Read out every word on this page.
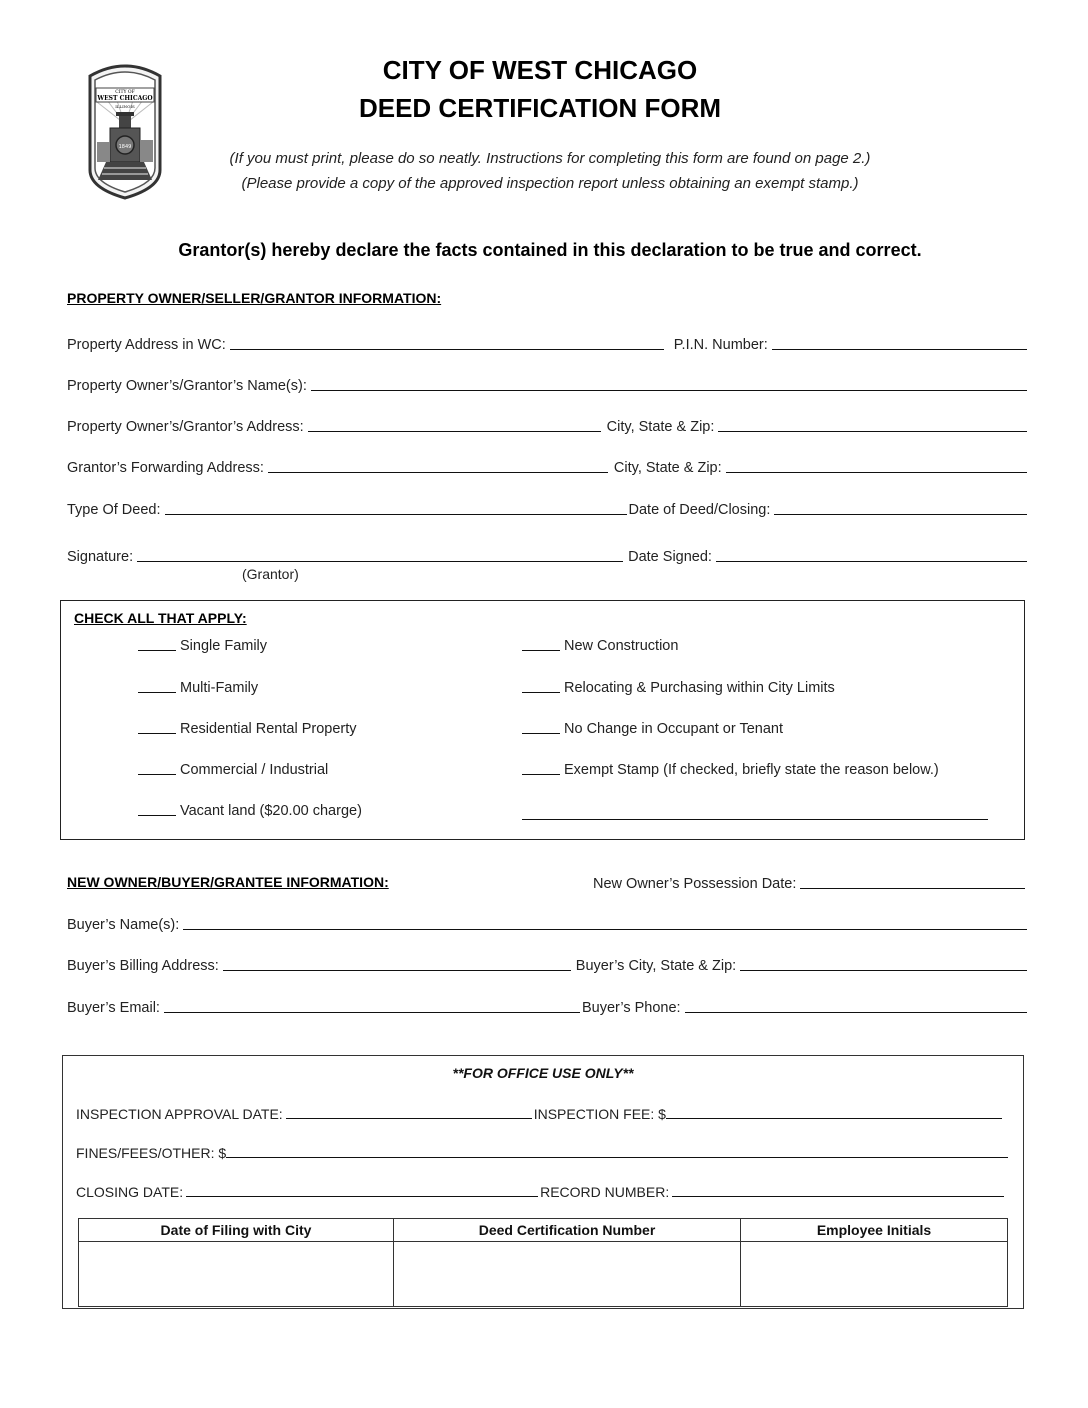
CITY OF
WEST CHICAGO
ILLINOIS
1849
CITY OF WEST CHICAGO
DEED CERTIFICATION FORM
(If you must print, please do so neatly. Instructions for completing this form are found on page 2.)
(Please provide a copy of the approved inspection report unless obtaining an exempt stamp.)
Grantor(s) hereby declare the facts contained in this declaration to be true and correct.
PROPERTY OWNER/SELLER/GRANTOR INFORMATION:
Property Address in WC:	P.I.N. Number:
Property Owner’s/Grantor’s Name(s):
Property Owner’s/Grantor’s Address:	City, State & Zip:
Grantor’s Forwarding Address:	City, State & Zip:
Type Of Deed:	Date of Deed/Closing:
Signature:	Date Signed:
(Grantor)
CHECK ALL THAT APPLY:
Single Family
Multi-Family
Residential Rental Property
Commercial / Industrial
Vacant land ($20.00 charge)
New Construction
Relocating & Purchasing within City Limits
No Change in Occupant or Tenant
Exempt Stamp (If checked, briefly state the reason below.)
NEW OWNER/BUYER/GRANTEE INFORMATION:	New Owner’s Possession Date:
Buyer’s Name(s):
Buyer’s Billing Address:	Buyer’s City, State & Zip:
Buyer’s Email:	Buyer’s Phone:
**FOR OFFICE USE ONLY**
INSPECTION APPROVAL DATE:	INSPECTION FEE: $
FINES/FEES/OTHER: $
CLOSING DATE:	RECORD NUMBER:
Date of Filing with City	Deed Certification Number	Employee Initials
